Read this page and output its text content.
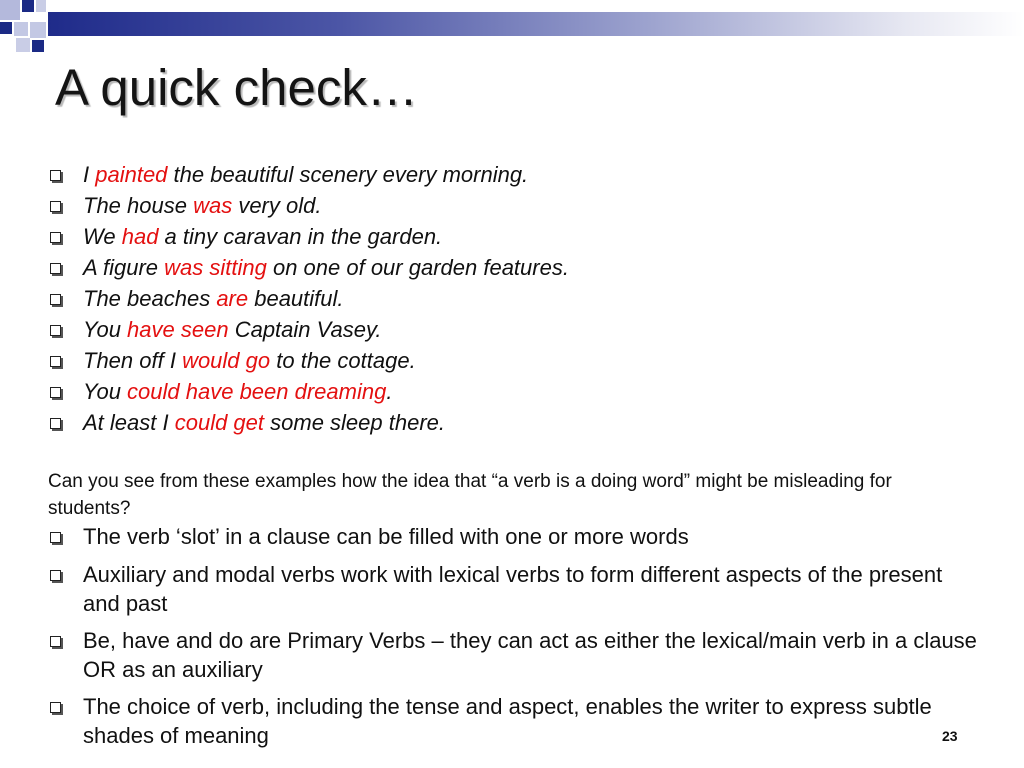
A quick check…
I painted the beautiful scenery every morning.
The house was very old.
We had a tiny caravan in the garden.
A figure was sitting on one of our garden features.
The beaches are beautiful.
You have seen Captain Vasey.
Then off I would go to the cottage.
You could have been dreaming.
At least I could get some sleep there.

Can you see from these examples how the idea that “a verb is a doing word” might be misleading for students?

The verb ‘slot’ in a clause can be filled with one or more words
Auxiliary and modal verbs work with lexical verbs to form different aspects of the present and past
Be, have and do are Primary Verbs – they can act as either the lexical/main verb in a clause OR as an auxiliary
The choice of verb, including the tense and aspect, enables the writer to express subtle shades of meaning	23
